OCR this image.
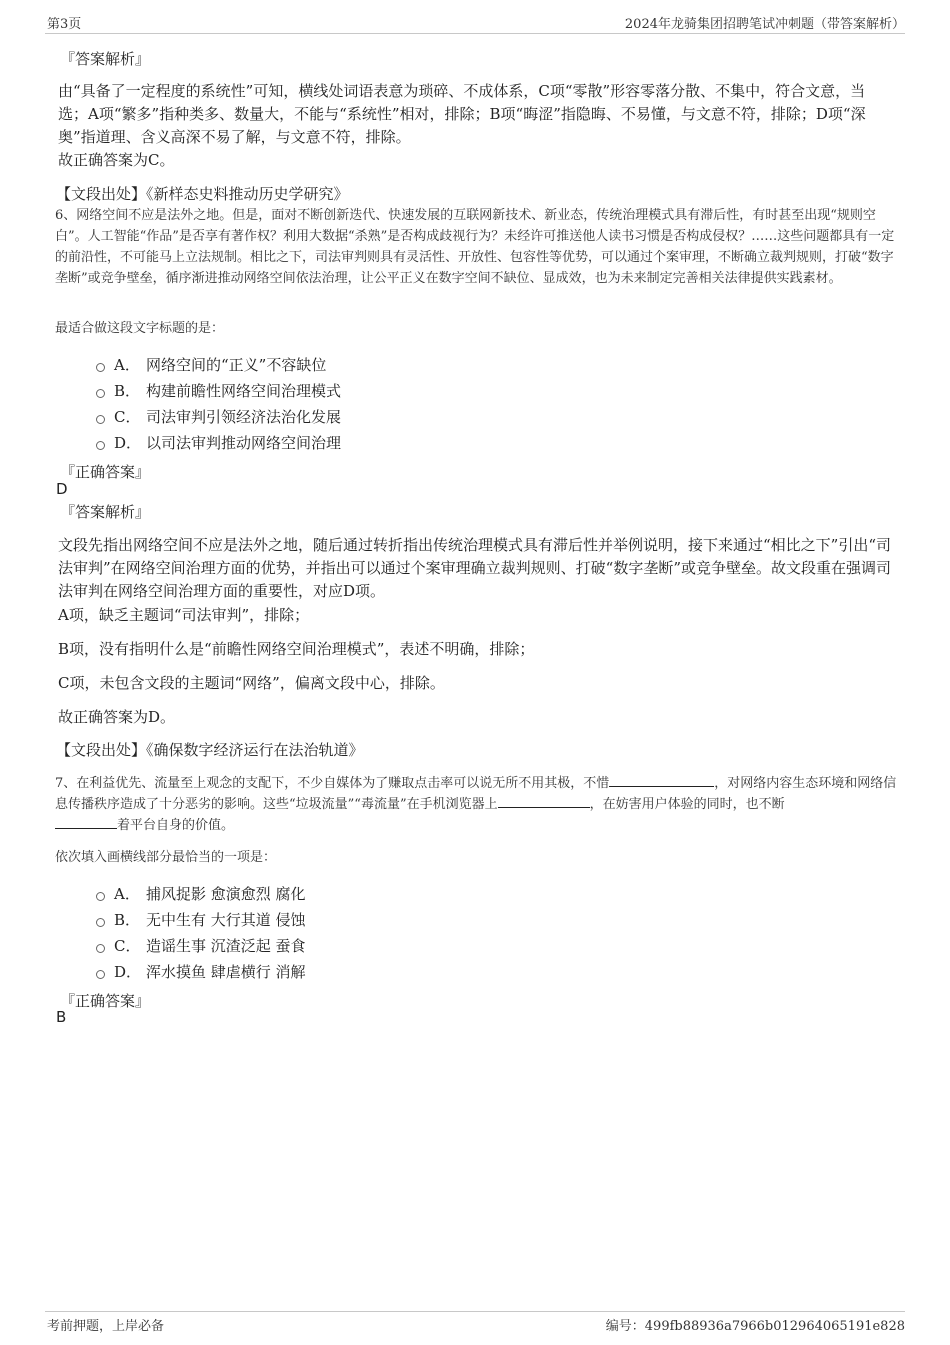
第3页	2024年龙骑集团招聘笔试冲刺题（带答案解析）
『答案解析』
由“具备了一定程度的系统性”可知，横线处词语表意为琐碎、不成体系，C项“零散”形容零落分散、不集中，符合文意，当选；A项“繁多”指种类多、数量大，不能与“系统性”相对，排除；B项“晦涩”指隐晦、不易懂，与文意不符，排除；D项“深奥”指道理、含义高深不易了解，与文意不符，排除。
故正确答案为C。
【文段出处】《新样态史料推动历史学研究》
6、网络空间不应是法外之地。但是，面对不断创新迭代、快速发展的互联网新技术、新业态，传统治理模式具有滞后性，有时甚至出现“规则空白”。人工智能“作品”是否享有著作权？利用大数据“杀熟”是否构成歧视行为？未经许可推送他人读书习惯是否构成侵权？……这些问题都具有一定的前沿性，不可能马上立法规制。相比之下，司法审判则具有灵活性、开放性、包容性等优势，可以通过个案审理，不断确立裁判规则，打破“数字垄断”或竞争壁垒，循序渐进推动网络空间依法治理，让公平正义在数字空间不缺位、显成效，也为未来制定完善相关法律提供实践素材。
最适合做这段文字标题的是：
A． 网络空间的“正义”不容缺位
B． 构建前瞻性网络空间治理模式
C． 司法审判引领经济法治化发展
D． 以司法审判推动网络空间治理
『正确答案』
D
『答案解析』
文段先指出网络空间不应是法外之地，随后通过转折指出传统治理模式具有滞后性并举例说明，接下来通过“相比之下”引出“司法审判”在网络空间治理方面的优势，并指出可以通过个案审理确立裁判规则、打破“数字垄断”或竞争壁垒。故文段重在强调司法审判在网络空间治理方面的重要性，对应D项。
A项，缺乏主题词“司法审判”，排除；
B项，没有指明什么是“前瞻性网络空间治理模式”，表述不明确，排除；
C项，未包含文段的主题词“网络”，偏离文段中心，排除。
故正确答案为D。
【文段出处】《确保数字经济运行在法治轨道》
7、在利益优先、流量至上观念的支配下，不少自媒体为了赚取点击率可以说无所不用其极，不惜	，对网络内容生态环境和网络信息传播秩序造成了十分恶劣的影响。这些“垃圾流量”“毒流量”在手机浏览器上	，在妨害用户体验的同时，也不断
着平台自身的价值。
依次填入画横线部分最恰当的一项是：
A． 捕风捉影 愈演愈烈 腐化
B． 无中生有 大行其道 侵蚀
C． 造谣生事 沉渣泛起 蚕食
D． 浑水摸鱼 肆虐横行 消解
『正确答案』
B
考前押题，上岸必备	编号：499fb88936a7966b012964065191e828
